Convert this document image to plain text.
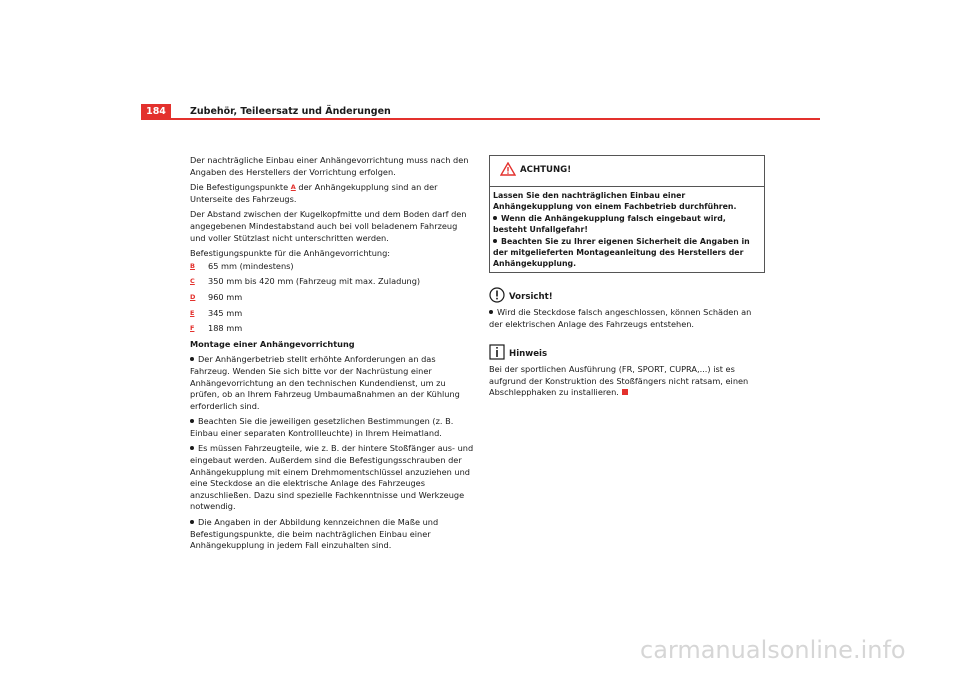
184	Zubehör, Teileersatz und Änderungen

Der nachträgliche Einbau einer Anhängevorrichtung muss nach den Angaben des Herstellers der Vorrichtung erfolgen.

Die Befestigungspunkte A der Anhängekupplung sind an der Unterseite des Fahrzeugs.

Der Abstand zwischen der Kugelkopfmitte und dem Boden darf den angegebenen Mindestabstand auch bei voll beladenem Fahrzeug und voller Stützlast nicht unterschritten werden.

Befestigungspunkte für die Anhängevorrichtung:

B 65 mm (mindestens)

C 350 mm bis 420 mm (Fahrzeug mit max. Zuladung)

D 960 mm

E 345 mm

F 188 mm

Montage einer Anhängevorrichtung

Der Anhängerbetrieb stellt erhöhte Anforderungen an das Fahrzeug. Wenden Sie sich bitte vor der Nachrüstung einer Anhängevorrichtung an den technischen Kundendienst, um zu prüfen, ob an Ihrem Fahrzeug Umbaumaßnahmen an der Kühlung erforderlich sind.

Beachten Sie die jeweiligen gesetzlichen Bestimmungen (z. B. Einbau einer separaten Kontrollleuchte) in Ihrem Heimatland.

Es müssen Fahrzeugteile, wie z. B. der hintere Stoßfänger aus- und eingebaut werden. Außerdem sind die Befestigungsschrauben der Anhängekupplung mit einem Drehmomentschlüssel anzuziehen und eine Steckdose an die elektrische Anlage des Fahrzeuges anzuschließen. Dazu sind spezielle Fachkenntnisse und Werkzeuge notwendig.

Die Angaben in der Abbildung kennzeichnen die Maße und Befestigungspunkte, die beim nachträglichen Einbau einer Anhängekupplung in jedem Fall einzuhalten sind.

ACHTUNG!

Lassen Sie den nachträglichen Einbau einer Anhängekupplung von einem Fachbetrieb durchführen.

Wenn die Anhängekupplung falsch eingebaut wird, besteht Unfallgefahr!

Beachten Sie zu Ihrer eigenen Sicherheit die Angaben in der mitgelieferten Montageanleitung des Herstellers der Anhängekupplung.

Vorsicht!

Wird die Steckdose falsch angeschlossen, können Schäden an der elektrischen Anlage des Fahrzeugs entstehen.

Hinweis

Bei der sportlichen Ausführung (FR, SPORT, CUPRA,...) ist es aufgrund der Konstruktion des Stoßfängers nicht ratsam, einen Abschlepphaken zu installieren.

carmanualsonline.info
